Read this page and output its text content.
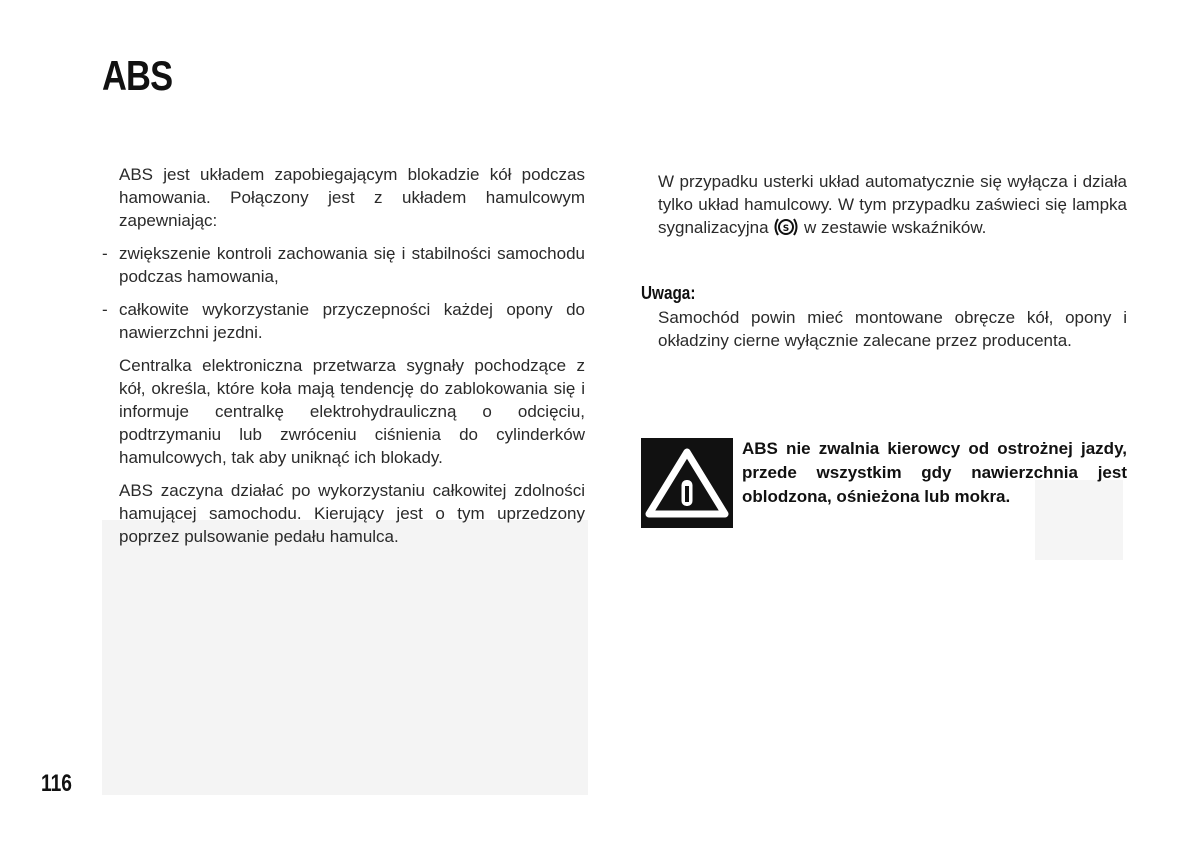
ABS

ABS jest układem zapobiegającym blokadzie kół podczas hamowania. Połączony jest z układem hamulcowym zapewniając:

- zwiększenie kontroli zachowania się i stabilności samochodu podczas hamowania,
- całkowite wykorzystanie przyczepności każdej opony do nawierzchni jezdni.

Centralka elektroniczna przetwarza sygnały pochodzące z kół, określa, które koła mają tendencję do zablokowania się i informuje centralkę elektrohydrauliczną o odcięciu, podtrzymaniu lub zwróceniu ciśnienia do cylinderków hamulcowych, tak aby uniknąć ich blokady.

ABS zaczyna działać po wykorzystaniu całkowitej zdolności hamującej samochodu. Kierujący jest o tym uprzedzony poprzez pulsowanie pedału hamulca.

W przypadku usterki układ automatycznie się wyłącza i działa tylko układ hamulcowy. W tym przypadku zaświeci się lampka sygnalizacyjna S w zestawie wskaźników.

Uwaga:
Samochód powin mieć montowane obręcze kół, opony i okładziny cierne wyłącznie zalecane przez producenta.
ABS nie zwalnia kierowcy od ostrożnej jazdy, przede wszystkim gdy nawierzchnia jest oblodzona, ośnieżona lub mokra.
116
